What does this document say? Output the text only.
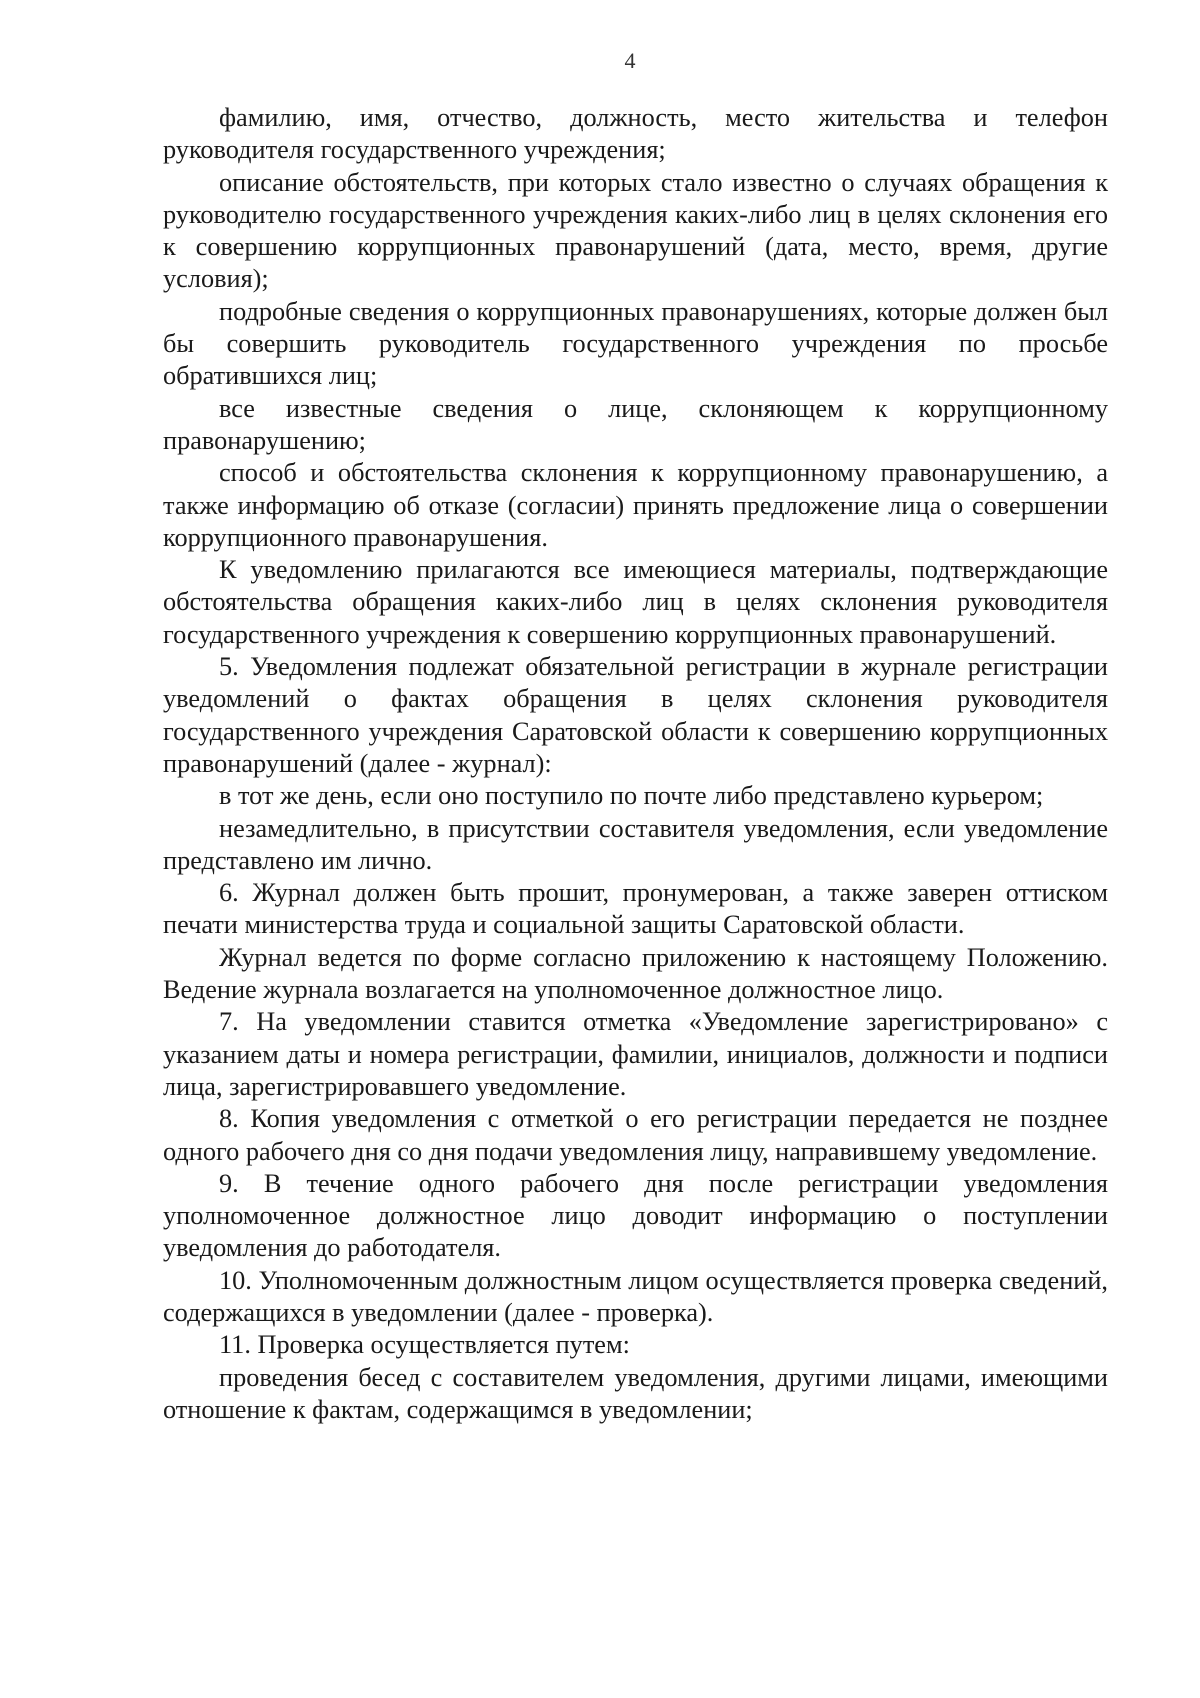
4

фамилию, имя, отчество, должность, место жительства и телефон руководителя государственного учреждения;

описание обстоятельств, при которых стало известно о случаях обращения к руководителю государственного учреждения каких-либо лиц в целях склонения его к совершению коррупционных правонарушений (дата, место, время, другие условия);

подробные сведения о коррупционных правонарушениях, которые должен был бы совершить руководитель государственного учреждения по просьбе обратившихся лиц;

все известные сведения о лице, склоняющем к коррупционному правонарушению;

способ и обстоятельства склонения к коррупционному правонарушению, а также информацию об отказе (согласии) принять предложение лица о совершении коррупционного правонарушения.

К уведомлению прилагаются все имеющиеся материалы, подтверждающие обстоятельства обращения каких-либо лиц в целях склонения руководителя государственного учреждения к совершению коррупционных правонарушений.

5. Уведомления подлежат обязательной регистрации в журнале регистрации уведомлений о фактах обращения в целях склонения руководителя государственного учреждения Саратовской области к совершению коррупционных правонарушений (далее - журнал):

в тот же день, если оно поступило по почте либо представлено курьером;

незамедлительно, в присутствии составителя уведомления, если уведомление представлено им лично.

6. Журнал должен быть прошит, пронумерован, а также заверен оттиском печати министерства труда и социальной защиты Саратовской области.

Журнал ведется по форме согласно приложению к настоящему Положению. Ведение журнала возлагается на уполномоченное должностное лицо.

7. На уведомлении ставится отметка «Уведомление зарегистрировано» с указанием даты и номера регистрации, фамилии, инициалов, должности и подписи лица, зарегистрировавшего уведомление.

8. Копия уведомления с отметкой о его регистрации передается не позднее одного рабочего дня со дня подачи уведомления лицу, направившему уведомление.

9. В течение одного рабочего дня после регистрации уведомления уполномоченное должностное лицо доводит информацию о поступлении уведомления до работодателя.

10. Уполномоченным должностным лицом осуществляется проверка сведений, содержащихся в уведомлении (далее - проверка).

11. Проверка осуществляется путем:

проведения бесед с составителем уведомления, другими лицами, имеющими отношение к фактам, содержащимся в уведомлении;
